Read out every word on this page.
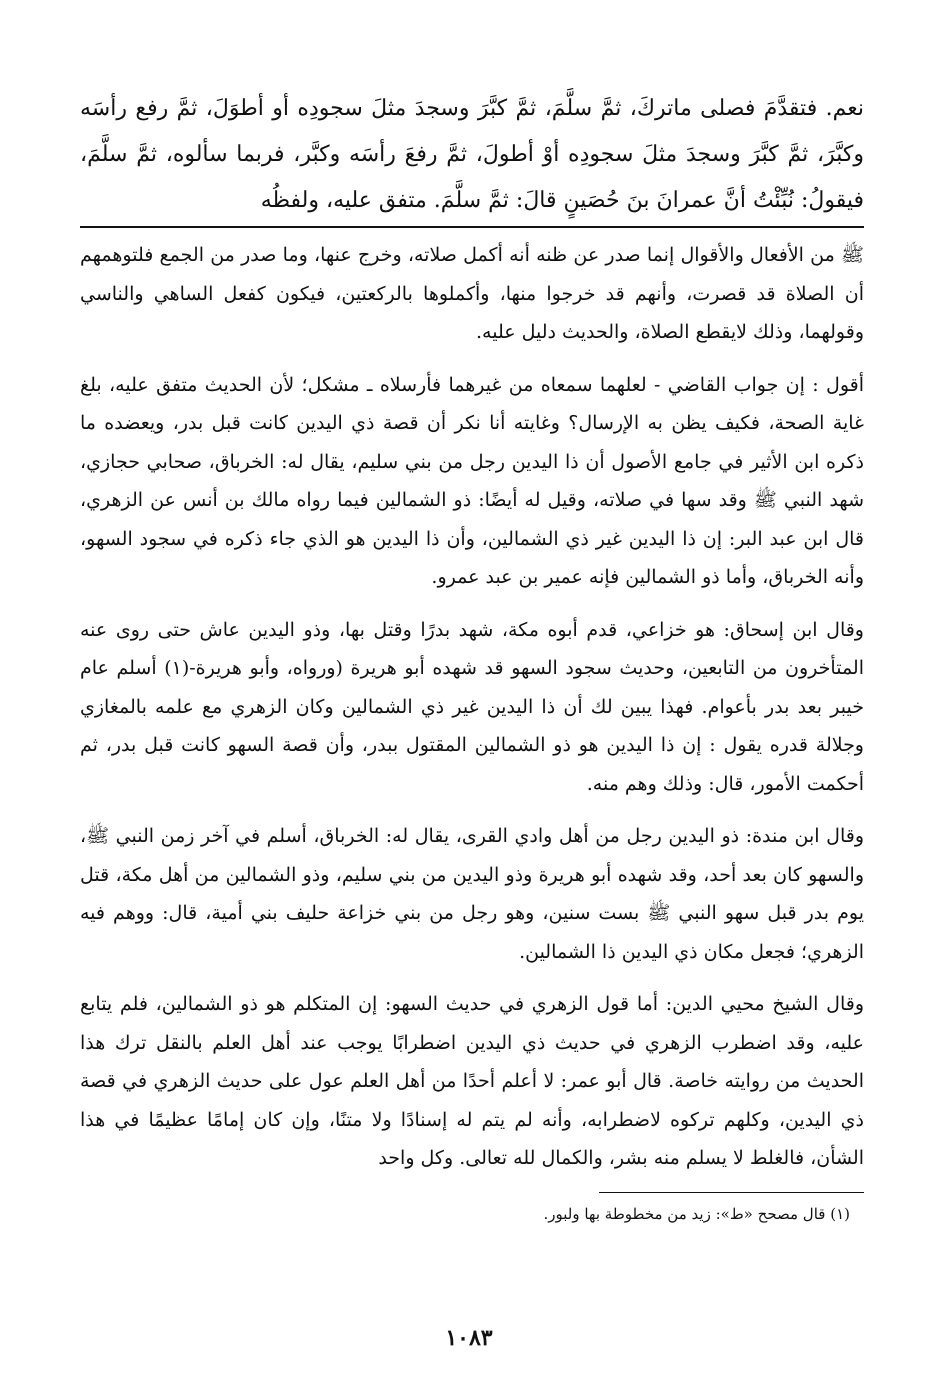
نعم. فتقدَّمَ فصلى ماتركَ، ثمَّ سلَّمَ، ثمَّ كبَّرَ وسجدَ مثلَ سجودِه أو أطوَلَ، ثمَّ رفع رأسَه وكبَّرَ، ثمَّ كبَّرَ وسجدَ مثلَ سجودِه أوْ أطولَ، ثمَّ رفعَ رأسَه وكبَّر، فربما سألوه، ثمَّ سلَّمَ، فيقولُ: نُبِّئْتُ أنَّ عمرانَ بنَ حُصَينٍ قالَ: ثمَّ سلَّمَ. متفق عليه، ولفظُه

ﷺ من الأفعال والأقوال إنما صدر عن ظنه أنه أكمل صلاته، وخرج عنها، وما صدر من الجمع فلتوهمهم أن الصلاة قد قصرت، وأنهم قد خرجوا منها، وأكملوها بالركعتين، فيكون كفعل الساهي والناسي وقولهما، وذلك لايقطع الصلاة، والحديث دليل عليه.

أقول : إن جواب القاضي - لعلهما سمعاه من غيرهما فأرسلاه ـ مشكل؛ لأن الحديث متفق عليه، بلغ غاية الصحة، فكيف يظن به الإرسال؟ وغايته أنا نكر أن قصة ذي اليدين كانت قبل بدر، ويعضده ما ذكره ابن الأثير في جامع الأصول أن ذا اليدين رجل من بني سليم، يقال له: الخرباق، صحابي حجازي، شهد النبي ﷺ وقد سها في صلاته، وقيل له أيضًا: ذو الشمالين فيما رواه مالك بن أنس عن الزهري، قال ابن عبد البر: إن ذا اليدين غير ذي الشمالين، وأن ذا اليدين هو الذي جاء ذكره في سجود السهو، وأنه الخرباق، وأما ذو الشمالين فإنه عمير بن عبد عمرو.

وقال ابن إسحاق: هو خزاعي، قدم أبوه مكة، شهد بدرًا وقتل بها، وذو اليدين عاش حتى روى عنه المتأخرون من التابعين، وحديث سجود السهو قد شهده أبو هريرة (ورواه، وأبو هريرة-(١) أسلم عام خيبر بعد بدر بأعوام. فهذا يبين لك أن ذا اليدين غير ذي الشمالين وكان الزهري مع علمه بالمغازي وجلالة قدره يقول : إن ذا اليدين هو ذو الشمالين المقتول ببدر، وأن قصة السهو كانت قبل بدر، ثم أحكمت الأمور، قال: وذلك وهم منه.

وقال ابن مندة: ذو اليدين رجل من أهل وادي القرى، يقال له: الخرباق، أسلم في آخر زمن النبي ﷺ، والسهو كان بعد أحد، وقد شهده أبو هريرة وذو اليدين من بني سليم، وذو الشمالين من أهل مكة، قتل يوم بدر قبل سهو النبي ﷺ بست سنين، وهو رجل من بني خزاعة حليف بني أمية، قال: ووهم فيه الزهري؛ فجعل مكان ذي اليدين ذا الشمالين.

وقال الشيخ محيي الدين: أما قول الزهري في حديث السهو: إن المتكلم هو ذو الشمالين، فلم يتابع عليه، وقد اضطرب الزهري في حديث ذي اليدين اضطرابًا يوجب عند أهل العلم بالنقل ترك هذا الحديث من روايته خاصة. قال أبو عمر: لا أعلم أحدًا من أهل العلم عول على حديث الزهري في قصة ذي اليدين، وكلهم تركوه لاضطرابه، وأنه لم يتم له إسنادًا ولا متنًا، وإن كان إمامًا عظيمًا في هذا الشأن، فالغلط لا يسلم منه بشر، والكمال لله تعالى. وكل واحد

(١) قال مصحح «ط»: زيد من مخطوطة بها ولبور.

١٠٨٣
